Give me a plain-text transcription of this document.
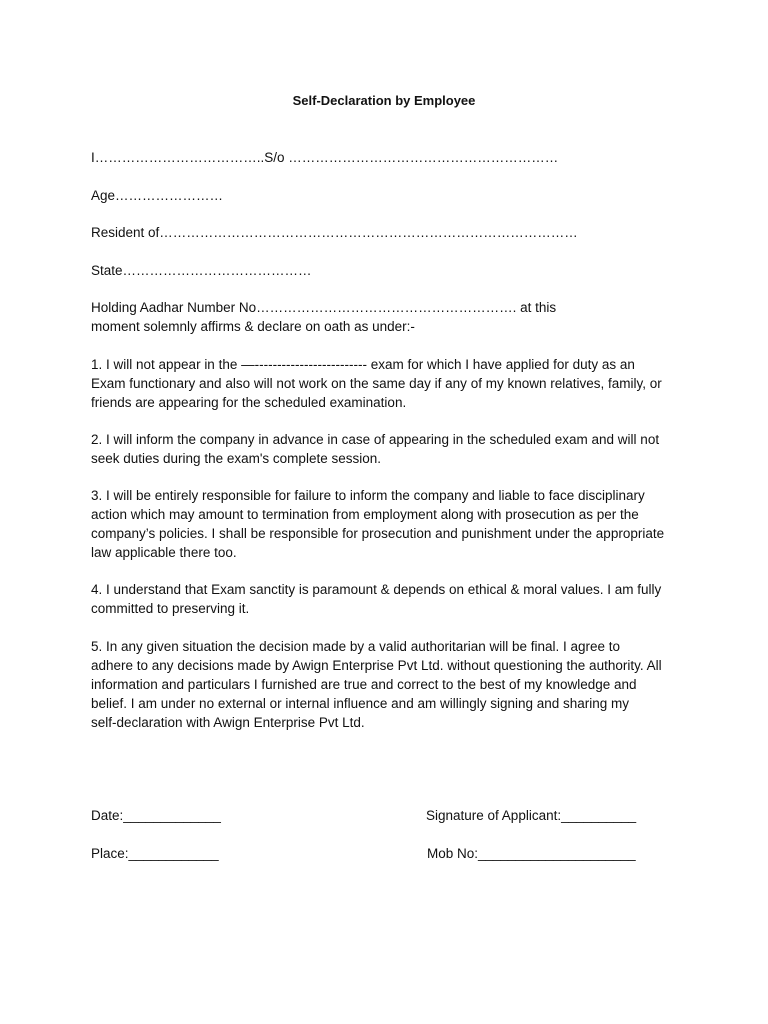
Self-Declaration by Employee
I………………………………..S/o ……………………………………………………
Age……………………
Resident of…………………………………………………………………………………
State……………………………………
Holding Aadhar Number No…………………………………………………. at this
moment solemnly affirms & declare on oath as under:-
1. I will not appear in the —------------------------- exam for which I have applied for duty as an
Exam functionary and also will not work on the same day if any of my known relatives, family, or
friends are appearing for the scheduled examination.
2. I will inform the company in advance in case of appearing in the scheduled exam and will not
seek duties during the exam's complete session.
3. I will be entirely responsible for failure to inform the company and liable to face disciplinary
action which may amount to termination from employment along with prosecution as per the
company’s policies. I shall be responsible for prosecution and punishment under the appropriate
law applicable there too.
4. I understand that Exam sanctity is paramount & depends on ethical & moral values. I am fully
committed to preserving it.
5. In any given situation the decision made by a valid authoritarian will be final. I agree to
adhere to any decisions made by Awign Enterprise Pvt Ltd. without questioning the authority. All
information and particulars I furnished are true and correct to the best of my knowledge and
belief. I am under no external or internal influence and am willingly signing and sharing my
self-declaration with Awign Enterprise Pvt Ltd.
Date:_____________	Signature of Applicant:__________
Place:____________	Mob No:_____________________
